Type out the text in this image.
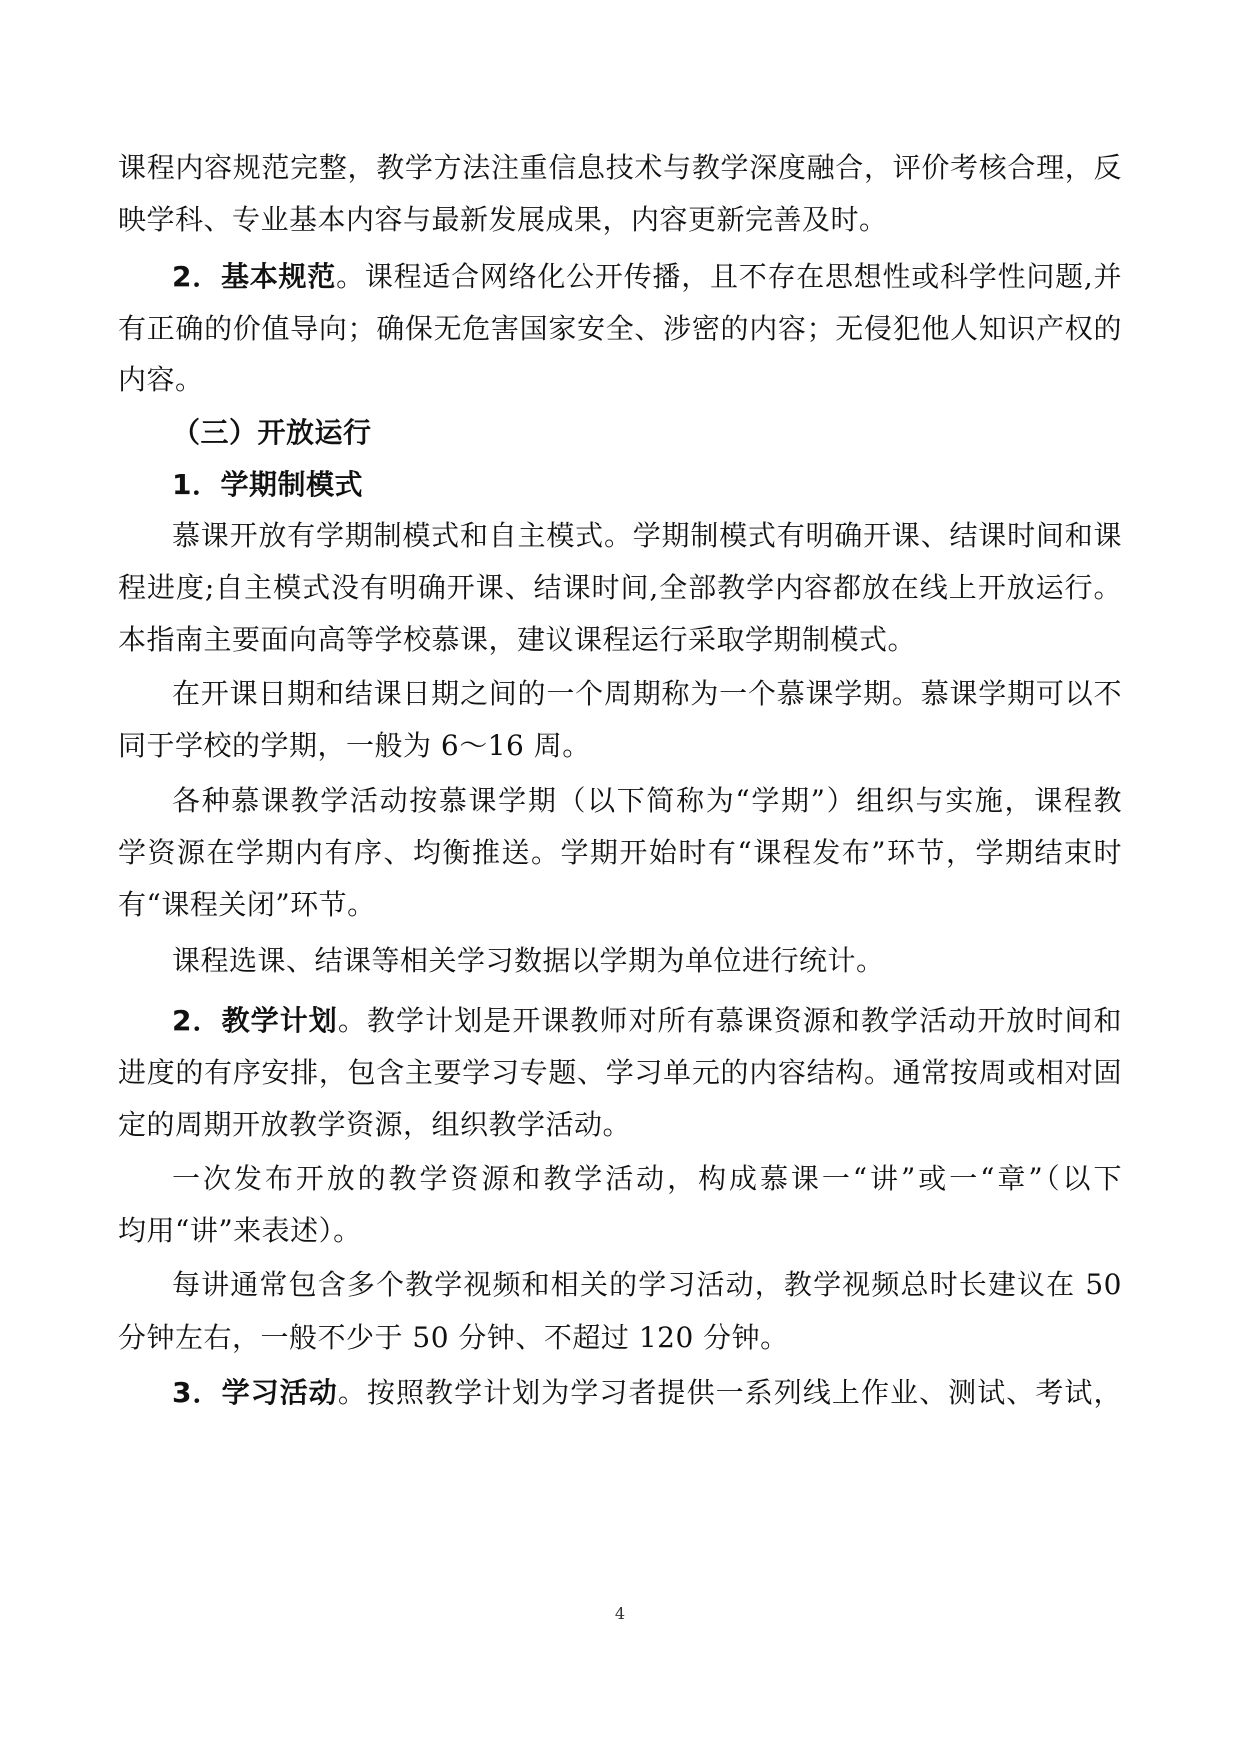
课程内容规范完整，教学方法注重信息技术与教学深度融合，评价考核合理，反
映学科、专业基本内容与最新发展成果，内容更新完善及时。
2．基本规范。课程适合网络化公开传播，且不存在思想性或科学性问题,并
有正确的价值导向；确保无危害国家安全、涉密的内容；无侵犯他人知识产权的
内容。
（三）开放运行
1．学期制模式
慕课开放有学期制模式和自主模式。学期制模式有明确开课、结课时间和课
程进度;自主模式没有明确开课、结课时间,全部教学内容都放在线上开放运行。
本指南主要面向高等学校慕课，建议课程运行采取学期制模式。
在开课日期和结课日期之间的一个周期称为一个慕课学期。慕课学期可以不
同于学校的学期，一般为 6～16 周。
各种慕课教学活动按慕课学期（以下简称为“学期”）组织与实施，课程教
学资源在学期内有序、均衡推送。学期开始时有“课程发布”环节，学期结束时
有“课程关闭”环节。
课程选课、结课等相关学习数据以学期为单位进行统计。
2．教学计划。教学计划是开课教师对所有慕课资源和教学活动开放时间和
进度的有序安排，包含主要学习专题、学习单元的内容结构。通常按周或相对固
定的周期开放教学资源，组织教学活动。
一次发布开放的教学资源和教学活动，构成慕课一“讲”或一“章”（以下
均用“讲”来表述）。
每讲通常包含多个教学视频和相关的学习活动，教学视频总时长建议在 50
分钟左右，一般不少于 50 分钟、不超过 120 分钟。
3．学习活动。按照教学计划为学习者提供一系列线上作业、测试、考试，
4
